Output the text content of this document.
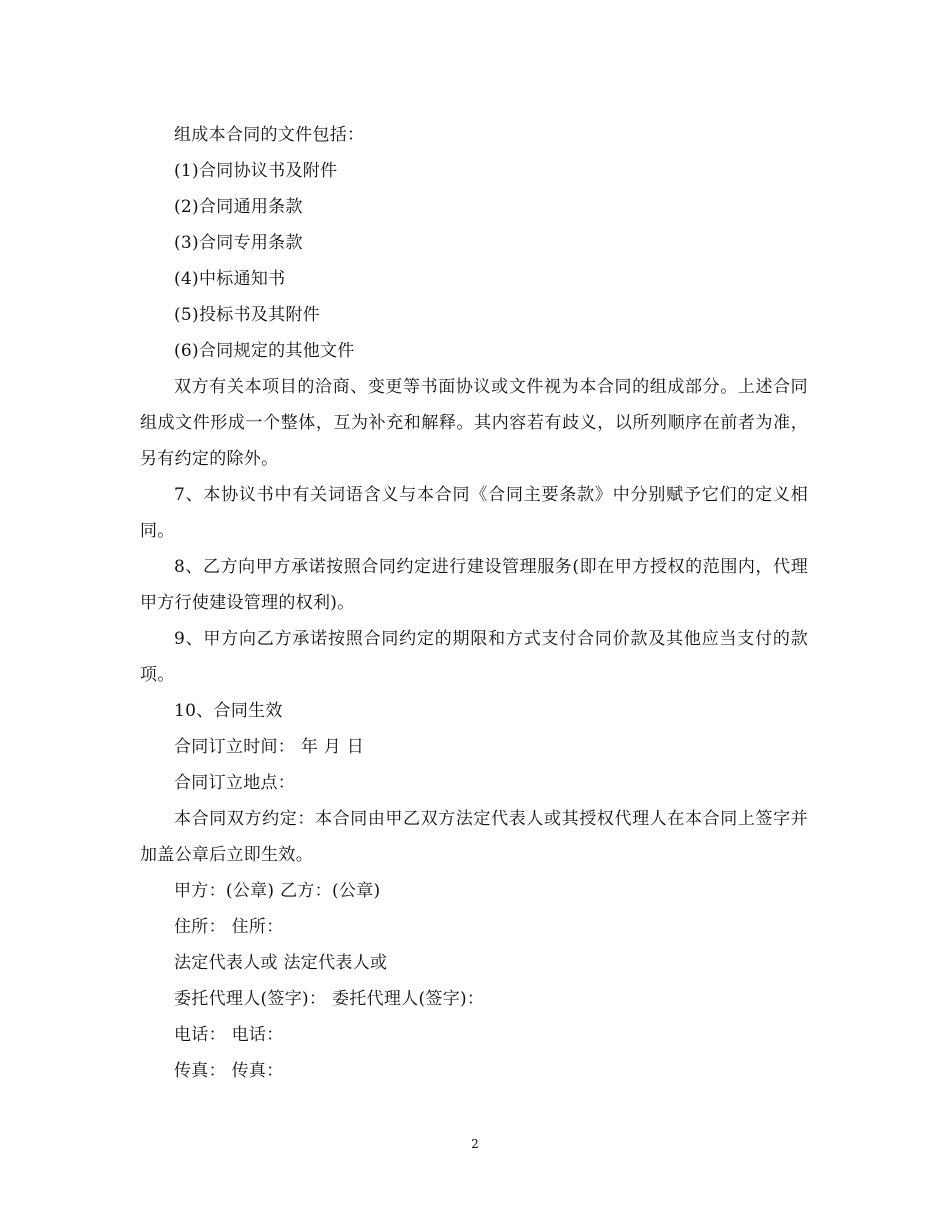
组成本合同的文件包括：

(1)合同协议书及附件

(2)合同通用条款

(3)合同专用条款

(4)中标通知书

(5)投标书及其附件

(6)合同规定的其他文件

双方有关本项目的洽商、变更等书面协议或文件视为本合同的组成部分。上述合同组成文件形成一个整体，互为补充和解释。其内容若有歧义，以所列顺序在前者为准，另有约定的除外。

7、本协议书中有关词语含义与本合同《合同主要条款》中分别赋予它们的定义相同。

8、乙方向甲方承诺按照合同约定进行建设管理服务(即在甲方授权的范围内，代理甲方行使建设管理的权利)。

9、甲方向乙方承诺按照合同约定的期限和方式支付合同价款及其他应当支付的款项。

10、合同生效

合同订立时间： 年 月 日

合同订立地点：

本合同双方约定：本合同由甲乙双方法定代表人或其授权代理人在本合同上签字并加盖公章后立即生效。

甲方：(公章) 乙方：(公章)

住所： 住所：

法定代表人或 法定代表人或

委托代理人(签字)： 委托代理人(签字)：

电话： 电话：

传真： 传真：

2
